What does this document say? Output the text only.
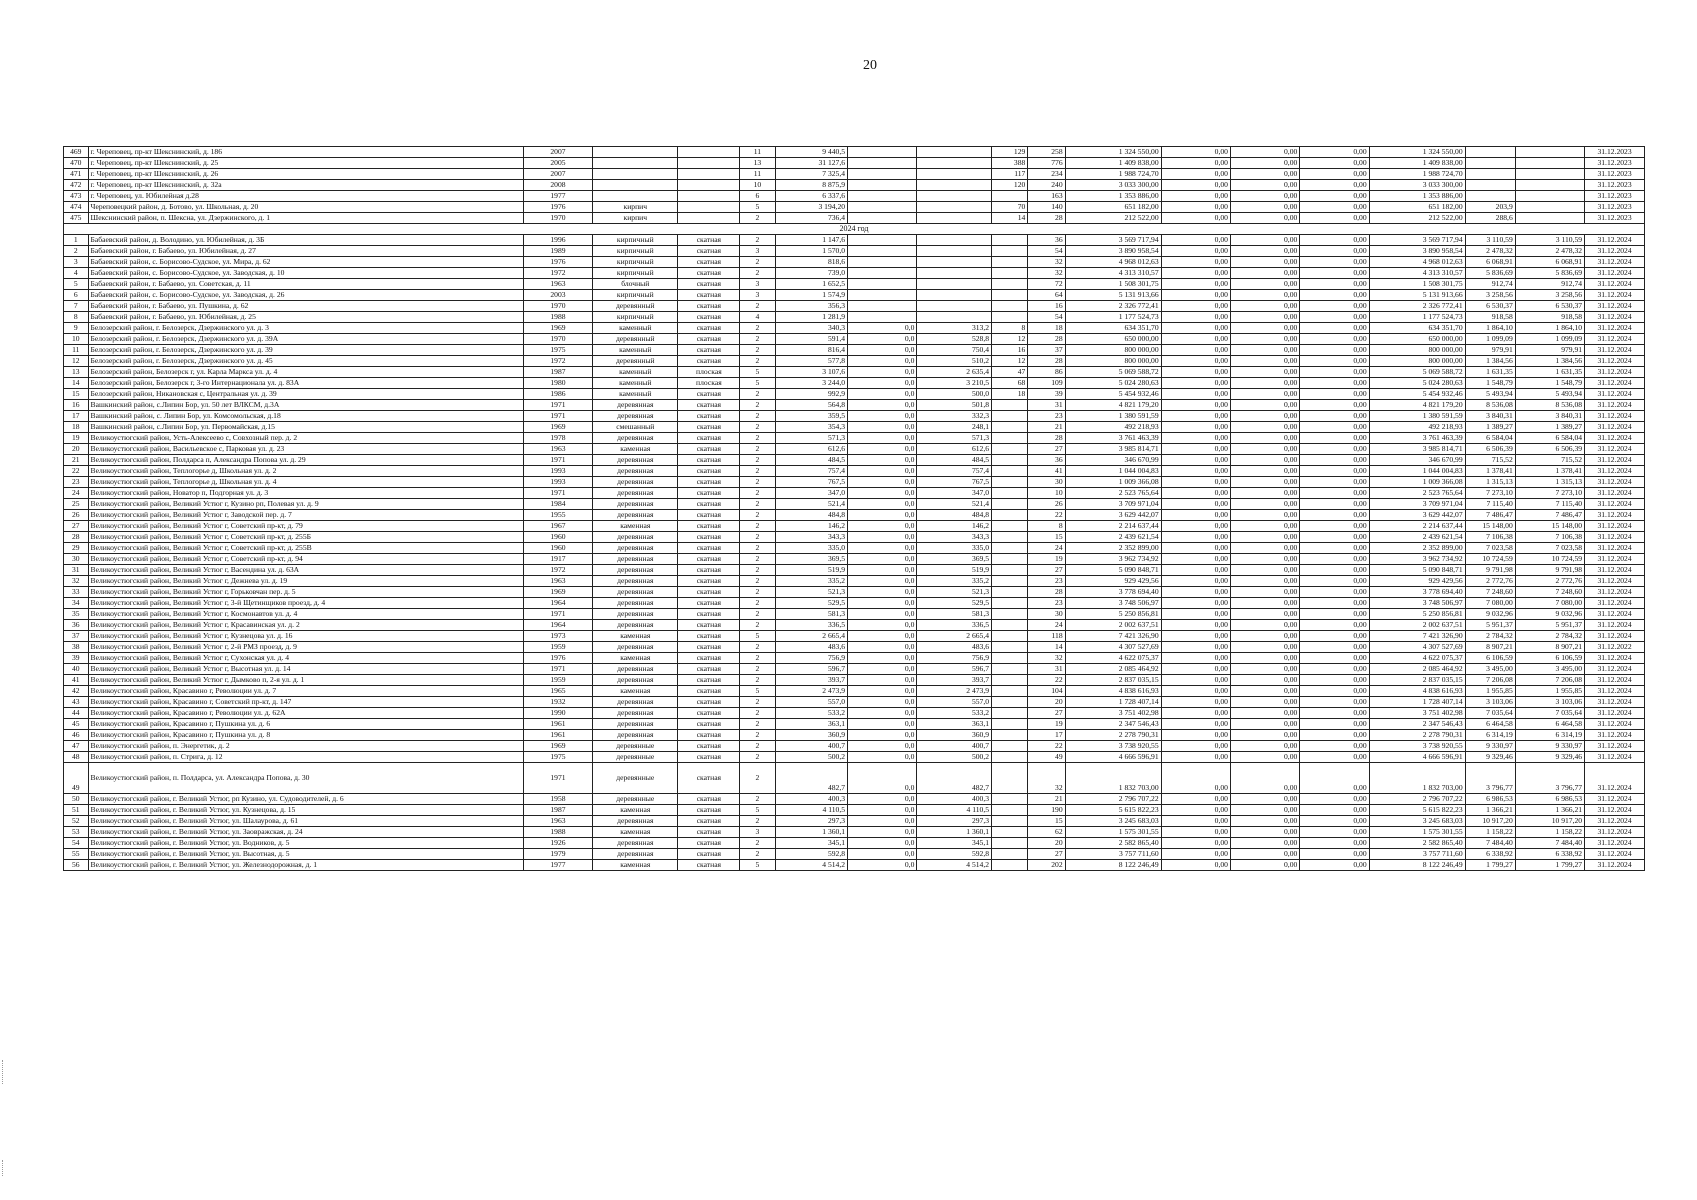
20
469	г. Череповец, пр-кт Шекснинский, д. 186	2007			11	9 440,5			129	258	1 324 550,00	0,00	0,00	0,00	1 324 550,00			31.12.2023
470	г. Череповец, пр-кт Шекснинский, д. 25	2005			13	31 127,6			388	776	1 409 838,00	0,00	0,00	0,00	1 409 838,00			31.12.2023
471	г. Череповец, пр-кт Шекснинский, д. 26	2007			11	7 325,4			117	234	1 988 724,70	0,00	0,00	0,00	1 988 724,70			31.12.2023
472	г. Череповец, пр-кт Шекснинский, д. 32а	2008			10	8 875,9			120	240	3 033 300,00	0,00	0,00	0,00	3 033 300,00			31.12.2023
473	г. Череповец, ул. Юбилейная д.28	1977			6	6 337,6				163	1 353 886,00	0,00	0,00	0,00	1 353 886,00			31.12.2023
474	Череповецкий район, д. Ботово, ул. Школьная, д. 20	1976	кирпич		5	3 194,20			70	140	651 182,00	0,00	0,00	0,00	651 182,00	203,9		31.12.2023
475	Шекснинский район, п. Шексна, ул. Дзержинского, д. 1	1970	кирпич		2	736,4			14	28	212 522,00	0,00	0,00	0,00	212 522,00	288,6		31.12.2023
2024 год																		
1	Бабаевский район, д. Володино, ул. Юбилейная, д. 3Б	1996	кирпичный	скатная	2	1 147,6				36	3 569 717,94	0,00	0,00	0,00	3 569 717,94	3 110,59	3 110,59	31.12.2024
2	Бабаевский район, г. Бабаево, ул. Юбилейная, д. 27	1989	кирпичный	скатная	3	1 570,0				54	3 890 958,54	0,00	0,00	0,00	3 890 958,54	2 478,32	2 478,32	31.12.2024
3	Бабаевский район, с. Борисово-Судское, ул. Мира, д. 62	1976	кирпичный	скатная	2	818,6				32	4 968 012,63	0,00	0,00	0,00	4 968 012,63	6 068,91	6 068,91	31.12.2024
4	Бабаевский район, с. Борисово-Судское, ул. Заводская, д. 10	1972	кирпичный	скатная	2	739,0				32	4 313 310,57	0,00	0,00	0,00	4 313 310,57	5 836,69	5 836,69	31.12.2024
5	Бабаевский район, г. Бабаево, ул. Советская, д. 11	1963	блочный	скатная	3	1 652,5				72	1 508 301,75	0,00	0,00	0,00	1 508 301,75	912,74	912,74	31.12.2024
6	Бабаевский район, с. Борисово-Судское, ул. Заводская, д. 26	2003	кирпичный	скатная	3	1 574,9				64	5 131 913,66	0,00	0,00	0,00	5 131 913,66	3 258,56	3 258,56	31.12.2024
7	Бабаевский район, г. Бабаево, ул. Пушкина, д. 62	1970	деревянный	скатная	2	356,3				16	2 326 772,41	0,00	0,00	0,00	2 326 772,41	6 530,37	6 530,37	31.12.2024
8	Бабаевский район, г. Бабаево, ул. Юбилейная, д. 25	1988	кирпичный	скатная	4	1 281,9				54	1 177 524,73	0,00	0,00	0,00	1 177 524,73	918,58	918,58	31.12.2024
9	Белозерский район, г. Белозерск, Дзержинского ул. д. 3	1969	каменный	скатная	2	340,3	0,0	313,2	8	18	634 351,70	0,00	0,00	0,00	634 351,70	1 864,10	1 864,10	31.12.2024
10	Белозерский район, г. Белозерск, Дзержинского ул. д. 39А	1970	деревянный	скатная	2	591,4	0,0	528,8	12	28	650 000,00	0,00	0,00	0,00	650 000,00	1 099,09	1 099,09	31.12.2024
11	Белозерский район, г. Белозерск, Дзержинского ул. д. 39	1975	каменный	скатная	2	816,4	0,0	750,4	16	37	800 000,00	0,00	0,00	0,00	800 000,00	979,91	979,91	31.12.2024
12	Белозерский район, г. Белозерск, Дзержинского ул. д. 45	1972	деревянный	скатная	2	577,8	0,0	510,2	12	28	800 000,00	0,00	0,00	0,00	800 000,00	1 384,56	1 384,56	31.12.2024
13	Белозерский район, Белозерск г, ул. Карла Маркса ул. д. 4	1987	каменный	плоская	5	3 107,6	0,0	2 635,4	47	86	5 069 588,72	0,00	0,00	0,00	5 069 588,72	1 631,35	1 631,35	31.12.2024
14	Белозерский район, Белозерск г, 3-го Интернационала ул. д. 83А	1980	каменный	плоская	5	3 244,0	0,0	3 210,5	68	109	5 024 280,63	0,00	0,00	0,00	5 024 280,63	1 548,79	1 548,79	31.12.2024
15	Белозерский район, Никановская с, Центральная ул. д. 39	1986	каменный	скатная	2	992,9	0,0	500,0	18	39	5 454 932,46	0,00	0,00	0,00	5 454 932,46	5 493,94	5 493,94	31.12.2024
16	Вашкинский район, с.Липин Бор, ул. 50 лет ВЛКСМ, д.3А	1971	деревянная	скатная	2	564,8	0,0	501,8		31	4 821 179,20	0,00	0,00	0,00	4 821 179,20	8 536,08	8 536,08	31.12.2024
17	Вашкинский район, с. Липин Бор, ул. Комсомольская, д.18	1971	деревянная	скатная	2	359,5	0,0	332,3		23	1 380 591,59	0,00	0,00	0,00	1 380 591,59	3 840,31	3 840,31	31.12.2024
18	Вашкинский район, с.Липин Бор, ул. Первомайская, д.15	1969	смешанный	скатная	2	354,3	0,0	248,1		21	492 218,93	0,00	0,00	0,00	492 218,93	1 389,27	1 389,27	31.12.2024
19	Великоустюгский район, Усть-Алексеево с, Совхозный пер. д. 2	1978	деревянная	скатная	2	571,3	0,0	571,3		28	3 761 463,39	0,00	0,00	0,00	3 761 463,39	6 584,04	6 584,04	31.12.2024
20	Великоустюгский район, Васильевское с, Парковая ул. д. 23	1963	каменная	скатная	2	612,6	0,0	612,6		27	3 985 814,71	0,00	0,00	0,00	3 985 814,71	6 506,39	6 506,39	31.12.2024
21	Великоустюгский район, Полдарса п, Александра Попова ул. д. 29	1971	деревянная	скатная	2	484,5	0,0	484,5		36	346 670,99	0,00	0,00	0,00	346 670,99	715,52	715,52	31.12.2024
22	Великоустюгский район, Теплогорье д, Школьная ул. д. 2	1993	деревянная	скатная	2	757,4	0,0	757,4		41	1 044 004,83	0,00	0,00	0,00	1 044 004,83	1 378,41	1 378,41	31.12.2024
23	Великоустюгский район, Теплогорье д, Школьная ул. д. 4	1993	деревянная	скатная	2	767,5	0,0	767,5		30	1 009 366,08	0,00	0,00	0,00	1 009 366,08	1 315,13	1 315,13	31.12.2024
24	Великоустюгский район, Новатор п, Подгорная ул. д. 3	1971	деревянная	скатная	2	347,0	0,0	347,0		10	2 523 765,64	0,00	0,00	0,00	2 523 765,64	7 273,10	7 273,10	31.12.2024
25	Великоустюгский район, Великий Устюг г, Кузино рп, Полевая ул. д. 9	1984	деревянная	скатная	2	521,4	0,0	521,4		26	3 709 971,04	0,00	0,00	0,00	3 709 971,04	7 115,40	7 115,40	31.12.2024
26	Великоустюгский район, Великий Устюг г, Заводской пер. д. 7	1955	деревянная	скатная	2	484,8	0,0	484,8		22	3 629 442,07	0,00	0,00	0,00	3 629 442,07	7 486,47	7 486,47	31.12.2024
27	Великоустюгский район, Великий Устюг г, Советский пр-кт, д. 79	1967	каменная	скатная	2	146,2	0,0	146,2		8	2 214 637,44	0,00	0,00	0,00	2 214 637,44	15 148,00	15 148,00	31.12.2024
28	Великоустюгский район, Великий Устюг г, Советский пр-кт, д. 255Б	1960	деревянная	скатная	2	343,3	0,0	343,3		15	2 439 621,54	0,00	0,00	0,00	2 439 621,54	7 106,38	7 106,38	31.12.2024
29	Великоустюгский район, Великий Устюг г, Советский пр-кт, д. 255В	1960	деревянная	скатная	2	335,0	0,0	335,0		24	2 352 899,00	0,00	0,00	0,00	2 352 899,00	7 023,58	7 023,58	31.12.2024
30	Великоустюгский район, Великий Устюг г, Советский пр-кт, д. 94	1917	деревянная	скатная	2	369,5	0,0	369,5		19	3 962 734,92	0,00	0,00	0,00	3 962 734,92	10 724,59	10 724,59	31.12.2024
31	Великоустюгский район, Великий Устюг г, Васендина ул. д. 63А	1972	деревянная	скатная	2	519,9	0,0	519,9		27	5 090 848,71	0,00	0,00	0,00	5 090 848,71	9 791,98	9 791,98	31.12.2024
32	Великоустюгский район, Великий Устюг г, Дежнева ул. д. 19	1963	деревянная	скатная	2	335,2	0,0	335,2		23	929 429,56	0,00	0,00	0,00	929 429,56	2 772,76	2 772,76	31.12.2024
33	Великоустюгский район, Великий Устюг г, Горьковчан пер. д. 5	1969	деревянная	скатная	2	521,3	0,0	521,3		28	3 778 694,40	0,00	0,00	0,00	3 778 694,40	7 248,60	7 248,60	31.12.2024
34	Великоустюгский район, Великий Устюг г, 3-й Щетинщиков проезд, д. 4	1964	деревянная	скатная	2	529,5	0,0	529,5		23	3 748 506,97	0,00	0,00	0,00	3 748 506,97	7 080,00	7 080,00	31.12.2024
35	Великоустюгский район, Великий Устюг г, Космонавтов ул. д. 4	1971	деревянная	скатная	2	581,3	0,0	581,3		30	5 250 856,81	0,00	0,00	0,00	5 250 856,81	9 032,96	9 032,96	31.12.2024
36	Великоустюгский район, Великий Устюг г, Красавинская ул. д. 2	1964	деревянная	скатная	2	336,5	0,0	336,5		24	2 002 637,51	0,00	0,00	0,00	2 002 637,51	5 951,37	5 951,37	31.12.2024
37	Великоустюгский район, Великий Устюг г, Кузнецова ул. д. 16	1973	каменная	скатная	5	2 665,4	0,0	2 665,4		118	7 421 326,90	0,00	0,00	0,00	7 421 326,90	2 784,32	2 784,32	31.12.2024
38	Великоустюгский район, Великий Устюг г, 2-й РМЗ проезд, д. 9	1959	деревянная	скатная	2	483,6	0,0	483,6		14	4 307 527,69	0,00	0,00	0,00	4 307 527,69	8 907,21	8 907,21	31.12.2022
39	Великоустюгский район, Великий Устюг г, Сухонская ул. д. 4	1976	каменная	скатная	2	756,9	0,0	756,9		32	4 622 075,37	0,00	0,00	0,00	4 622 075,37	6 106,59	6 106,59	31.12.2024
40	Великоустюгский район, Великий Устюг г, Высотная ул. д. 14	1971	деревянная	скатная	2	596,7	0,0	596,7		31	2 085 464,92	0,00	0,00	0,00	2 085 464,92	3 495,00	3 495,00	31.12.2024
41	Великоустюгский район, Великий Устюг г, Дымково п, 2-я ул. д. 1	1959	деревянная	скатная	2	393,7	0,0	393,7		22	2 837 035,15	0,00	0,00	0,00	2 837 035,15	7 206,08	7 206,08	31.12.2024
42	Великоустюгский район, Красавино г, Революции ул. д. 7	1965	каменная	скатная	5	2 473,9	0,0	2 473,9		104	4 838 616,93	0,00	0,00	0,00	4 838 616,93	1 955,85	1 955,85	31.12.2024
43	Великоустюгский район, Красавино г, Советский пр-кт, д. 147	1932	деревянная	скатная	2	557,0	0,0	557,0		20	1 728 407,14	0,00	0,00	0,00	1 728 407,14	3 103,06	3 103,06	31.12.2024
44	Великоустюгский район, Красавино г, Революции ул. д. 62А	1990	деревянная	скатная	2	533,2	0,0	533,2		27	3 751 402,98	0,00	0,00	0,00	3 751 402,98	7 035,64	7 035,64	31.12.2024
45	Великоустюгский район, Красавино г, Пушкина ул. д. 6	1961	деревянная	скатная	2	363,1	0,0	363,1		19	2 347 546,43	0,00	0,00	0,00	2 347 546,43	6 464,58	6 464,58	31.12.2024
46	Великоустюгский район, Красавино г, Пушкина ул. д. 8	1961	деревянная	скатная	2	360,9	0,0	360,9		17	2 278 790,31	0,00	0,00	0,00	2 278 790,31	6 314,19	6 314,19	31.12.2024
47	Великоустюгский район, п. Энергетик, д. 2	1969	деревянные	скатная	2	400,7	0,0	400,7		22	3 738 920,55	0,00	0,00	0,00	3 738 920,55	9 330,97	9 330,97	31.12.2024
48	Великоустюгский район, п. Стрига, д. 12	1975	деревянные	скатная	2	500,2	0,0	500,2		49	4 666 596,91	0,00	0,00	0,00	4 666 596,91	9 329,46	9 329,46	31.12.2024
49	Великоустюгский район, п. Полдарса, ул. Александра Попова, д. 30	1971	деревянные	скатная	2	482,7	0,0	482,7		32	1 832 703,00	0,00	0,00	0,00	1 832 703,00	3 796,77	3 796,77	31.12.2024
50	Великоустюгский район, г. Великий Устюг, рп Кузино, ул. Судоводителей, д. 6	1958	деревянные	скатная	2	400,3	0,0	400,3		21	2 796 707,22	0,00	0,00	0,00	2 796 707,22	6 986,53	6 986,53	31.12.2024
51	Великоустюгский район, г. Великий Устюг, ул. Кузнецова, д. 15	1987	каменная	скатная	5	4 110,5	0,0	4 110,5		190	5 615 822,23	0,00	0,00	0,00	5 615 822,23	1 366,21	1 366,21	31.12.2024
52	Великоустюгский район, г. Великий Устюг, ул. Шалаурова, д. 61	1963	деревянная	скатная	2	297,3	0,0	297,3		15	3 245 683,03	0,00	0,00	0,00	3 245 683,03	10 917,20	10 917,20	31.12.2024
53	Великоустюгский район, г. Великий Устюг, ул. Заовражская, д. 24	1988	каменная	скатная	3	1 360,1	0,0	1 360,1		62	1 575 301,55	0,00	0,00	0,00	1 575 301,55	1 158,22	1 158,22	31.12.2024
54	Великоустюгский район, г. Великий Устюг, ул. Водников, д. 5	1926	деревянная	скатная	2	345,1	0,0	345,1		20	2 582 865,40	0,00	0,00	0,00	2 582 865,40	7 484,40	7 484,40	31.12.2024
55	Великоустюгский район, г. Великий Устюг, ул. Высотная, д. 5	1979	деревянная	скатная	2	592,8	0,0	592,8		27	3 757 711,60	0,00	0,00	0,00	3 757 711,60	6 338,92	6 338,92	31.12.2024
56	Великоустюгский район, г. Великий Устюг, ул. Железнодорожная, д. 1	1977	каменная	скатная	5	4 514,2	0,0	4 514,2		202	8 122 246,49	0,00	0,00	0,00	8 122 246,49	1 799,27	1 799,27	31.12.2024
